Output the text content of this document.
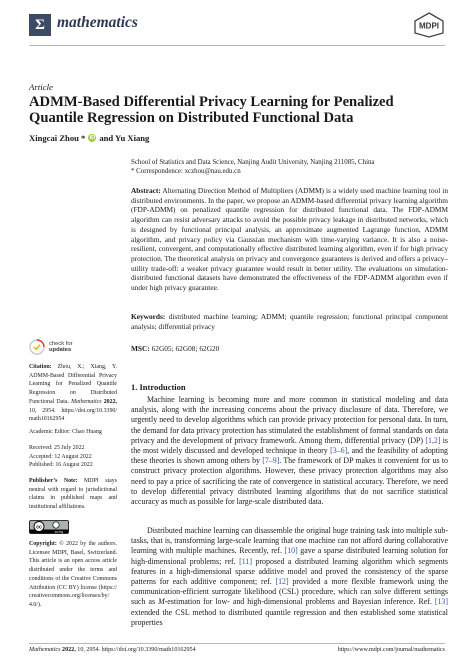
Σ mathematics	MDPI
Article
ADMM-Based Differential Privacy Learning for Penalized Quantile Regression on Distributed Functional Data
Xingcai Zhou * iD and Yu Xiang
School of Statistics and Data Science, Nanjing Audit University, Nanjing 211085, China
* Correspondence: xczhou@nau.edu.cn
Abstract: Alternating Direction Method of Multipliers (ADMM) is a widely used machine learning tool in distributed environments. In the paper, we propose an ADMM-based differential privacy learning algorithm (FDP-ADMM) on penalized quantile regression for distributed functional data. The FDP-ADMM algorithm can resist adversary attacks to avoid the possible privacy leakage in distributed networks, which is designed by functional principal analysis, an approximate augmented Lagrange function, ADMM algorithm, and privacy policy via Gaussian mechanism with time-varying variance. It is also a noise-resilient, convergent, and computationally effective distributed learning algorithm, even if for high privacy protection. The theoretical analysis on privacy and convergence guarantees is derived and offers a privacy–utility trade-off: a weaker privacy guarantee would result in better utility. The evaluations on simulation-distributed functional datasets have demonstrated the effectiveness of the FDP-ADMM algorithm even if under high privacy guarantee.
Keywords: distributed machine learning; ADMM; quantile regression; functional principal component analysis; differential privacy
MSC: 62G05; 62G08; 62G20
1. Introduction
Machine learning is becoming more and more common in statistical modeling and data analysis, along with the increasing concerns about the privacy disclosure of data. Therefore, we urgently need to develop algorithms which can provide privacy protection for personal data. In turn, the demand for data privacy protection has stimulated the establishment of formal standards on data privacy and the development of privacy framework. Among them, differential privacy (DP) [1,2] is the most widely discussed and developed technique in theory [3–6], and the feasibility of adopting these theories is shown among others by [7–9]. The framework of DP makes it convenient for us to construct privacy protection algorithms. However, these privacy protection algorithms may also need to pay a price of sacrificing the rate of convergence in statistical accuracy. Therefore, we need to develop differential privacy distributed learning algorithms that do not sacrifice statistical accuracy as much as possible for large-scale distributed data.
Distributed machine learning can disassemble the original huge training task into multiple sub-tasks, that is, transforming large-scale learning that one machine can not afford during collaborative learning with multiple machines. Recently, ref. [10] gave a sparse distributed learning solution for high-dimensional problems; ref. [11] proposed a distributed learning algorithm which segments features in a high-dimensional sparse additive model and proved the consistency of the sparse patterns for each additive component; ref. [12] provided a more flexible framework using the communication-efficient surrogate likelihood (CSL) procedure, which can solve different settings such as M-estimation for low- and high-dimensional problems and Bayesian inference. Ref. [13] extended the CSL method to distributed quantile regression and then established some statistical properties
check for
updates
Citation: Zhou, X.; Xiang, Y. ADMM-Based Differential Privacy Learning for Penalized Quantile Regression on Distributed Functional Data. Mathematics 2022, 10, 2954. https://doi.org/10.3390/ math10162954
Academic Editor: Chao Huang
Received: 25 July 2022
Accepted: 12 August 2022
Published: 16 August 2022
Publisher’s Note: MDPI stays neutral with regard to jurisdictional claims in published maps and institutional affiliations.
cc
cc by
Copyright: © 2022 by the authors. Licensee MDPI, Basel, Switzerland. This article is an open access article distributed under the terms and conditions of the Creative Commons Attribution (CC BY) license (https:// creativecommons.org/licenses/by/ 4.0/).
Mathematics 2022, 10, 2954. https://doi.org/10.3390/math10162954	https://www.mdpi.com/journal/mathematics
